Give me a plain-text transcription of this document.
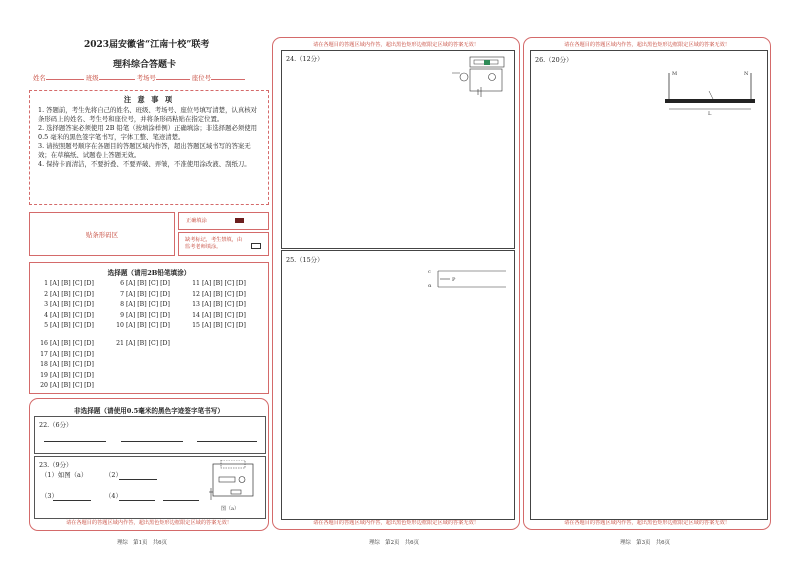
2023届安徽省“江南十校”联考
理科综合答题卡
姓名	班级	考场号	座位号
注 意 事 项
1. 答题前，考生先将自己的姓名、班级、考场号、座位号填写清楚，认真核对条形码上的姓名、考生号和座位号，并将条形码粘贴在指定位置。
2. 选择题答案必须使用 2B 铅笔（按填涂样例）正确填涂；非选择题必须使用 0.5 毫米的黑色签字笔书写，字体工整、笔迹清楚。
3. 请按照题号顺序在各题目的答题区域内作答，超出答题区域书写的答案无效；在草稿纸、试题卷上答题无效。
4. 保持卡面清洁，不要折叠、不要弄破、弄皱，不准使用涂改液、刮纸刀。
贴条形码区
正确填涂
缺考标记，考生禁填，由监考老师填涂。
选择题（请用2B铅笔填涂）
1 [A] [B] [C] [D]
2 [A] [B] [C] [D]
3 [A] [B] [C] [D]
4 [A] [B] [C] [D]
5 [A] [B] [C] [D]
6 [A] [B] [C] [D]
7 [A] [B] [C] [D]
8 [A] [B] [C] [D]
9 [A] [B] [C] [D]
10 [A] [B] [C] [D]
11 [A] [B] [C] [D]
12 [A] [B] [C] [D]
13 [A] [B] [C] [D]
14 [A] [B] [C] [D]
15 [A] [B] [C] [D]
16 [A] [B] [C] [D]
17 [A] [B] [C] [D]
18 [A] [B] [C] [D]
19 [A] [B] [C] [D]
20 [A] [B] [C] [D]
21 [A] [B] [C] [D]
非选择题（请使用0.5毫米的黑色字迹签字笔书写）
22.（6分）
23.（9分）
（1）如图（a）	（2）
（3）	（4）
图（a）
请在各题目的答题区域内作答，超出黑色矩形边框限定区域的答案无效！
理综　第1页　共6页
请在各题目的答题区域内作答，超出黑色矩形边框限定区域的答案无效！
请在各题目的答题区域内作答，超出黑色矩形边框限定区域的答案无效！
24.（12分）
25.（15分）
c
α
P
理综　第2页　共6页
请在各题目的答题区域内作答，超出黑色矩形边框限定区域的答案无效！
请在各题目的答题区域内作答，超出黑色矩形边框限定区域的答案无效！
26.（20分）
M	N
L
理综　第3页　共6页
